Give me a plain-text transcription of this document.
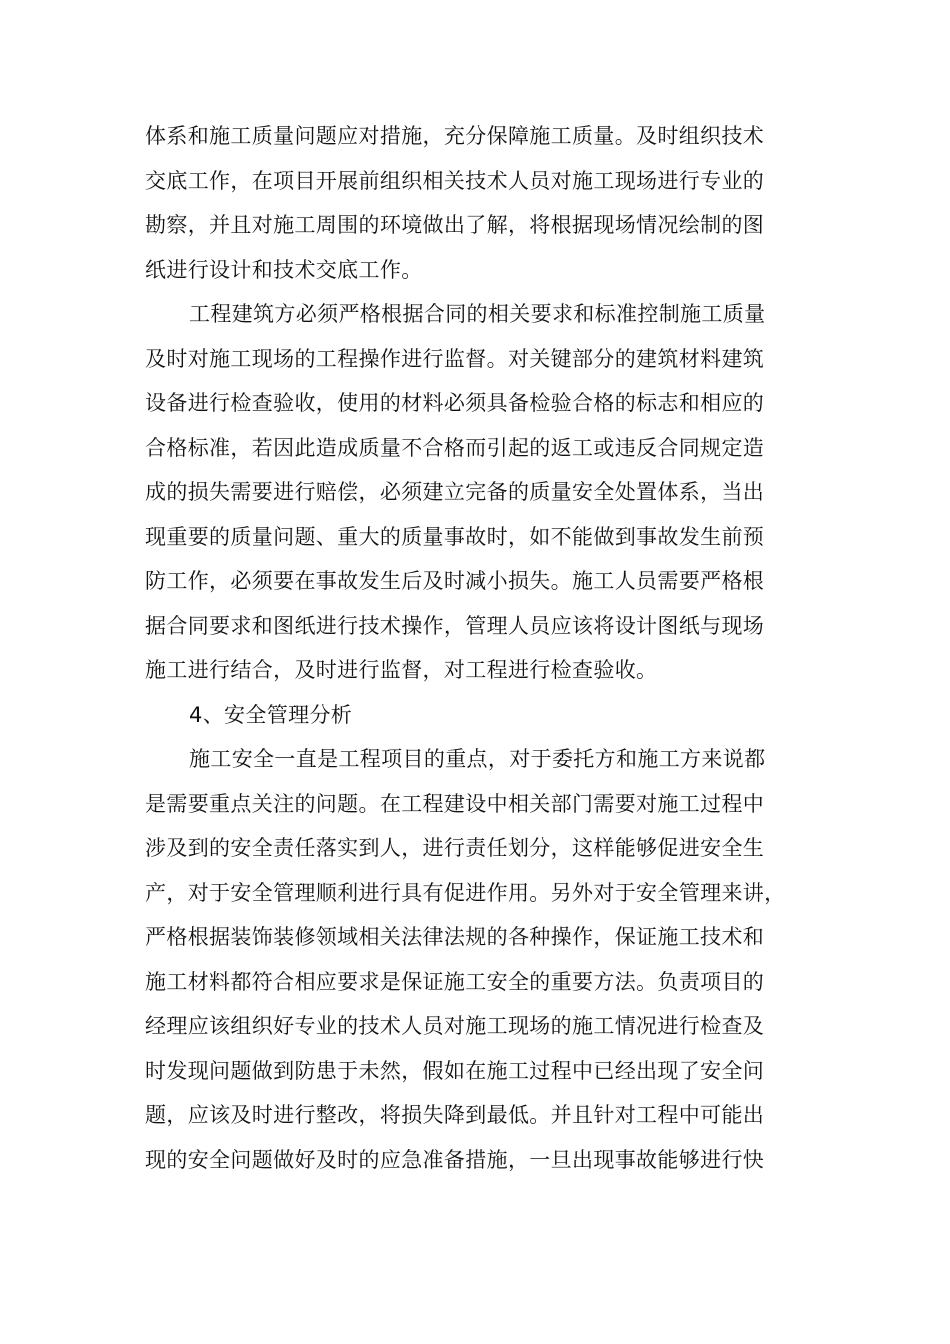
体系和施工质量问题应对措施，充分保障施工质量。及时组织技术
交底工作，在项目开展前组织相关技术人员对施工现场进行专业的
勘察，并且对施工周围的环境做出了解，将根据现场情况绘制的图
纸进行设计和技术交底工作。
工程建筑方必须严格根据合同的相关要求和标准控制施工质量
及时对施工现场的工程操作进行监督。对关键部分的建筑材料建筑
设备进行检查验收，使用的材料必须具备检验合格的标志和相应的
合格标准，若因此造成质量不合格而引起的返工或违反合同规定造
成的损失需要进行赔偿，必须建立完备的质量安全处置体系，当出
现重要的质量问题、重大的质量事故时，如不能做到事故发生前预
防工作，必须要在事故发生后及时减小损失。施工人员需要严格根
据合同要求和图纸进行技术操作，管理人员应该将设计图纸与现场
施工进行结合，及时进行监督，对工程进行检查验收。
4、安全管理分析
施工安全一直是工程项目的重点，对于委托方和施工方来说都
是需要重点关注的问题。在工程建设中相关部门需要对施工过程中
涉及到的安全责任落实到人，进行责任划分，这样能够促进安全生
产，对于安全管理顺利进行具有促进作用。另外对于安全管理来讲，
严格根据装饰装修领域相关法律法规的各种操作，保证施工技术和
施工材料都符合相应要求是保证施工安全的重要方法。负责项目的
经理应该组织好专业的技术人员对施工现场的施工情况进行检查及
时发现问题做到防患于未然，假如在施工过程中已经出现了安全问
题，应该及时进行整改，将损失降到最低。并且针对工程中可能出
现的安全问题做好及时的应急准备措施，一旦出现事故能够进行快
